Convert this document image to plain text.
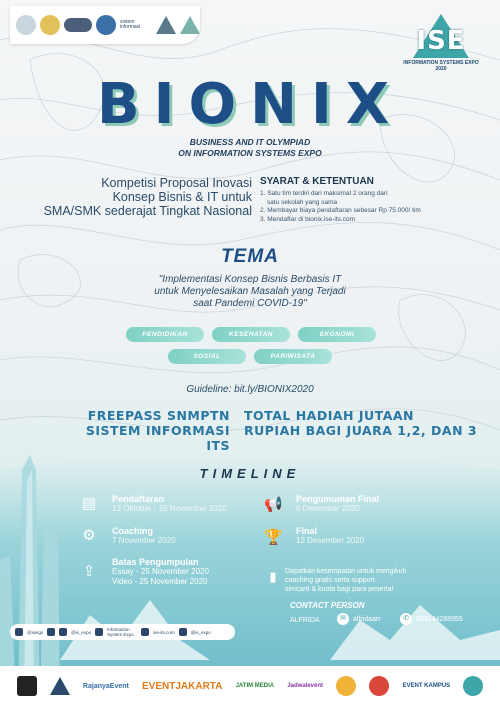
sistem informasi	ISE
INFORMATION SYSTEMS EXPO
2020
BIONIX
BUSINESS AND IT OLYMPIAD
ON INFORMATION SYSTEMS EXPO
Kompetisi Proposal Inovasi
Konsep Bisnis & IT untuk
SMA/SMK sederajat Tingkat Nasional
SYARAT & KETENTUAN
1. Satu tim terdiri dari maksimal 2 orang dari
satu sekolah yang sama
2. Membayar biaya pendaftaran sebesar Rp 75.000/ tim
3. Mendaftar di bionix.ise-its.com
TEMA
"Implementasi Konsep Bisnis Berbasis IT
untuk Menyelesaikan Masalah yang Terjadi
saat Pandemi COVID-19"
PENDIDIKAN	KESEHATAN	EKONOMI
SOSIAL	PARIWISATA
Guideline: bit.ly/BIONIX2020
FREEPASS SNMPTN
SISTEM INFORMASI ITS
TOTAL HADIAH JUTAAN
RUPIAH BAGI JUARA 1,2, DAN 3
TIMELINE
▤ Pendaftaran
13 Oktober - 15 November 2020
⚙ Coaching
7 November 2020
⇪
Batas Pengumpulan
Essay - 25 November 2020
Video - 25 November 2020
📢 Pengumuman Final
6 Desember 2020
🏆 Final
12 Desember 2020
▮	Dapatkan kesempatan untuk mengikuti
coaching gratis serta support
simcard & kuota bagi para peserta!
CONTACT PERSON
ALFRIDA	✉	alfridaarr	✆	083144288955
@iseigs	@is_expo	Information System Expo	ise-its.com	@is_expo
RajanyaEvent EVENTJAKARTA JATIM MEDIA Jadwalevent	EVENT KAMPUS
